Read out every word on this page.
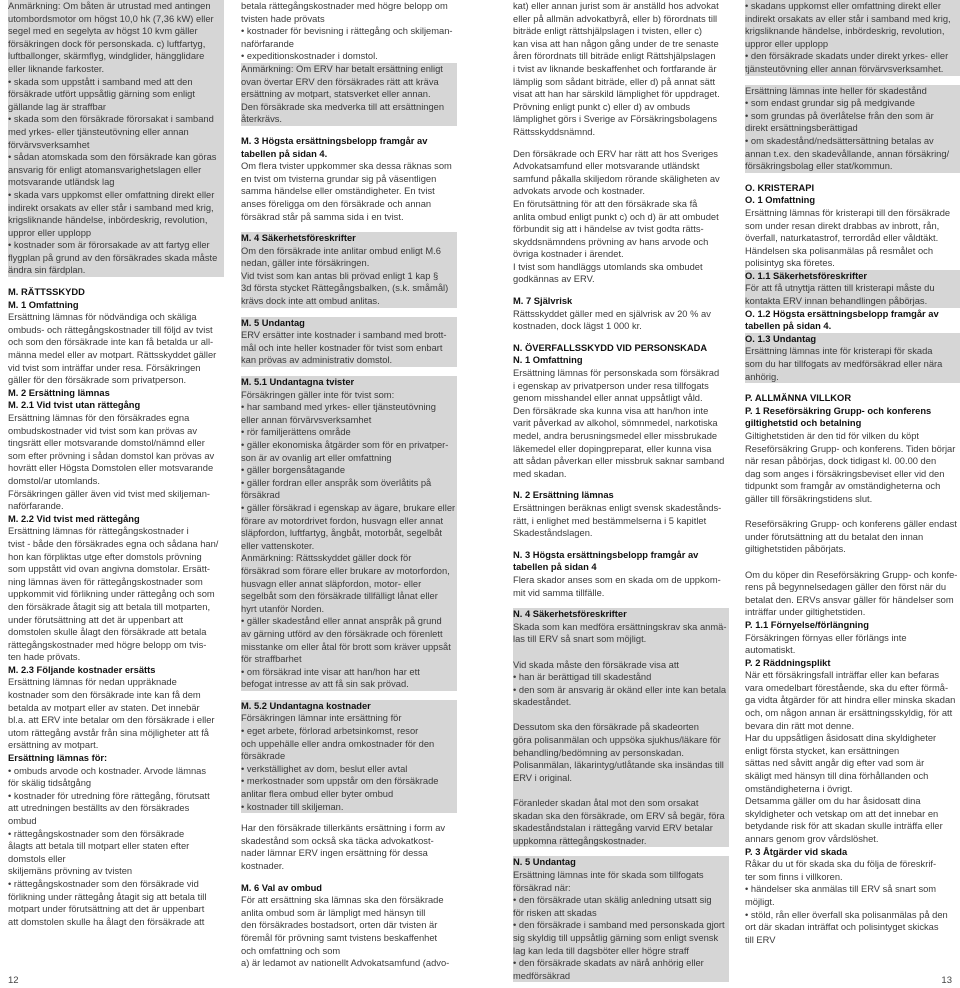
Anmärkning: Om båten är utrustad med antingen
utombordsmotor om högst 10,0 hk (7,36 kW) eller
segel med en segelyta av högst 10 kvm gäller
försäkringen dock för personskada. c) luftfartyg,
luftballonger, skärmflyg, windglider, hängglidare
eller liknande farkoster.
• skada som uppstått i samband med att den
försäkrade utfört uppsåtlig gärning som enligt
gällande lag är straffbar
• skada som den försäkrade förorsakat i samband
med yrkes- eller tjänsteutövning eller annan
förvärvsverksamhet
• sådan atomskada som den försäkrade kan göras
ansvarig för enligt atomansvarighetslagen eller
motsvarande utländsk lag
• skada vars uppkomst eller omfattning direkt eller
indirekt orsakats av eller står i samband med krig,
krigsliknande händelse, inbördeskrig, revolution,
uppror eller upplopp
• kostnader som är förorsakade av att fartyg eller
flygplan på grund av den försäkrades skada måste
ändra sin färdplan.
M. RÄTTSSKYDD
M. 1 Omfattning
Ersättning lämnas för nödvändiga och skäliga
ombuds- och rättegångskostnader till följd av tvist
och som den försäkrade inte kan få betalda ur all-
männa medel eller av motpart. Rättsskyddet gäller
vid tvist som inträffar under resa. Försäkringen
gäller för den försäkrade som privatperson.
M. 2 Ersättning lämnas
M. 2.1 Vid tvist utan rättegång
Ersättning lämnas för den försäkrades egna
ombudskostnader vid tvist som kan prövas av
tingsrätt eller motsvarande domstol/nämnd eller
som efter prövning i sådan domstol kan prövas av
hovrätt eller Högsta Domstolen eller motsvarande
domstol/ar utomlands.
Försäkringen gäller även vid tvist med skiljeman-
naförfarande.
M. 2.2 Vid tvist med rättegång
Ersättning lämnas för rättegångskostnader i
tvist - både den försäkrades egna och sådana han/
hon kan förpliktas utge efter domstols prövning
som uppstått vid ovan angivna domstolar. Ersätt-
ning lämnas även för rättegångskostnader som
uppkommit vid förlikning under rättegång och som
den försäkrade åtagit sig att betala till motparten,
under förutsättning att det är uppenbart att
domstolen skulle ålagt den försäkrade att betala
rättegångskostnader med högre belopp om tvis-
ten hade prövats.
M. 2.3 Följande kostnader ersätts
Ersättning lämnas för nedan uppräknade
kostnader som den försäkrade inte kan få dem
betalda av motpart eller av staten. Det innebär
bl.a. att ERV inte betalar om den försäkrade i eller
utom rättegång avstår från sina möjligheter att få
ersättning av motpart.
Ersättning lämnas för:
• ombuds arvode och kostnader. Arvode lämnas
för skälig tidsåtgång
• kostnader för utredning före rättegång, förutsatt
att utredningen beställts av den försäkrades
ombud
• rättegångskostnader som den försäkrade
ålagts att betala till motpart eller staten efter
domstols eller
skiljemäns prövning av tvisten
• rättegångskostnader som den försäkrade vid
förlikning under rättegång åtagit sig att betala till
motpart under förutsättning att det är uppenbart
att domstolen skulle ha ålagt den försäkrade att
betala rättegångskostnader med högre belopp om
tvisten hade prövats
• kostnader för bevisning i rättegång och skiljeman-
naförfarande
• expeditionskostnader i domstol.
Anmärkning: Om ERV har betalt ersättning enligt
ovan övertar ERV den försäkrades rätt att kräva
ersättning av motpart, statsverket eller annan.
Den försäkrade ska medverka till att ersättningen
återkrävs.
M. 3 Högsta ersättningsbelopp framgår av
tabellen på sidan 4.
Om flera tvister uppkommer ska dessa räknas som
en tvist om tvisterna grundar sig på väsentligen
samma händelse eller omständigheter. En tvist
anses föreligga om den försäkrade och annan
försäkrad står på samma sida i en tvist.
M. 4 Säkerhetsföreskrifter
Om den försäkrade inte anlitar ombud enligt M.6
nedan, gäller inte försäkringen.
Vid tvist som kan antas bli prövad enligt 1 kap §
3d första stycket Rättegångsbalken, (s.k. småmål)
krävs dock inte att ombud anlitas.
M. 5 Undantag
ERV ersätter inte kostnader i samband med brott-
mål och inte heller kostnader för tvist som enbart
kan prövas av administrativ domstol.
M. 5.1 Undantagna tvister
Försäkringen gäller inte för tvist som:
• har samband med yrkes- eller tjänsteutövning
eller annan förvärvsverksamhet
• rör familjerättens område
• gäller ekonomiska åtgärder som för en privatper-
son är av ovanlig art eller omfattning
• gäller borgensåtagande
• gäller fordran eller anspråk som överlåtits på
försäkrad
• gäller försäkrad i egenskap av ägare, brukare eller
förare av motordrivet fordon, husvagn eller annat
släpfordon, luftfartyg, ångbåt, motorbåt, segelbåt
eller vattenskoter.
Anmärkning: Rättsskyddet gäller dock för
försäkrad som förare eller brukare av motorfordon,
husvagn eller annat släpfordon, motor- eller
segelbåt som den försäkrade tillfälligt lånat eller
hyrt utanför Norden.
• gäller skadestånd eller annat anspråk på grund
av gärning utförd av den försäkrade och förenlett
misstanke om eller åtal för brott som kräver uppsåt
för straffbarhet
• om försäkrad inte visar att han/hon har ett
befogat intresse av att få sin sak prövad.
M. 5.2 Undantagna kostnader
Försäkringen lämnar inte ersättning för
• eget arbete, förlorad arbetsinkomst, resor
och uppehälle eller andra omkostnader för den
försäkrade
• verkställighet av dom, beslut eller avtal
• merkostnader som uppstår om den försäkrade
anlitar flera ombud eller byter ombud
• kostnader till skiljeman.
Har den försäkrade tillerkänts ersättning i form av
skadestånd som också ska täcka advokatkost-
nader lämnar ERV ingen ersättning för dessa
kostnader.
M. 6 Val av ombud
För att ersättning ska lämnas ska den försäkrade
anlita ombud som är lämpligt med hänsyn till
den försäkrades bostadsort, orten där tvisten är
föremål för prövning samt tvistens beskaffenhet
och omfattning och som
a) är ledamot av nationellt Advokatsamfund (advo-
kat) eller annan jurist som är anställd hos advokat
eller på allmän advokatbyrå, eller b) förordnats till
biträde enligt rättshjälpslagen i tvisten, eller c)
kan visa att han någon gång under de tre senaste
åren förordnats till biträde enligt Rättshjälpslagen
i tvist av liknande beskaffenhet och fortfarande är
lämplig som sådant biträde, eller d) på annat sätt
visat att han har särskild lämplighet för uppdraget.
Prövning enligt punkt c) eller d) av ombuds
lämplighet görs i Sverige av Försäkringsbolagens
Rättsskyddsnämnd.
Den försäkrade och ERV har rätt att hos Sveriges
Advokatsamfund eller motsvarande utländskt
samfund påkalla skiljedom rörande skäligheten av
advokats arvode och kostnader.
En förutsättning för att den försäkrade ska få
anlita ombud enligt punkt c) och d) är att ombudet
förbundit sig att i händelse av tvist godta rätts-
skyddsnämndens prövning av hans arvode och
övriga kostnader i ärendet.
I tvist som handläggs utomlands ska ombudet
godkännas av ERV.
M. 7 Självrisk
Rättsskyddet gäller med en självrisk av 20 % av
kostnaden, dock lägst 1 000 kr.
N. ÖVERFALLSSKYDD VID PERSONSKADA
N. 1 Omfattning
Ersättning lämnas för personskada som försäkrad
i egenskap av privatperson under resa tillfogats
genom misshandel eller annat uppsåtligt våld.
Den försäkrade ska kunna visa att han/hon inte
varit påverkad av alkohol, sömnmedel, narkotiska
medel, andra berusningsmedel eller missbrukade
läkemedel eller dopingpreparat, eller kunna visa
att sådan påverkan eller missbruk saknar samband
med skadan.
N. 2 Ersättning lämnas
Ersättningen beräknas enligt svensk skadestånds-
rätt, i enlighet med bestämmelserna i 5 kapitlet
Skadeståndslagen.
N. 3 Högsta ersättningsbelopp framgår av
tabellen på sidan 4
Flera skador anses som en skada om de uppkom-
mit vid samma tillfälle.
N. 4 Säkerhetsföreskrifter
Skada som kan medföra ersättningskrav ska anmä-
las till ERV så snart som möjligt.

Vid skada måste den försäkrade visa att
• han är berättigad till skadestånd
• den som är ansvarig är okänd eller inte kan betala
skadeståndet.

Dessutom ska den försäkrade på skadeorten
göra polisanmälan och uppsöka sjukhus/läkare för
behandling/bedömning av personskadan.
Polisanmälan, läkarintyg/utlåtande ska insändas till
ERV i original.

Föranleder skadan åtal mot den som orsakat
skadan ska den försäkrade, om ERV så begär, föra
skadeståndstalan i rättegång varvid ERV betalar
uppkomna rättegångskostnader.
N. 5 Undantag
Ersättning lämnas inte för skada som tillfogats
försäkrad när:
• den försäkrade utan skälig anledning utsatt sig
för risken att skadas
• den försäkrade i samband med personskada gjort
sig skyldig till uppsåtlig gärning som enligt svensk
lag kan leda till dagsböter eller högre straff
• den försäkrade skadats av närå anhörig eller
medförsäkrad
• skadans uppkomst eller omfattning direkt eller
indirekt orsakats av eller står i samband med krig,
krigsliknande händelse, inbördeskrig, revolution,
uppror eller upplopp
• den försäkrade skadats under direkt yrkes- eller
tjänsteutövning eller annan förvärvsverksamhet.
Ersättning lämnas inte heller för skadestånd
• som endast grundar sig på medgivande
• som grundas på överlåtelse från den som är
direkt ersättningsberättigad
• om skadestånd/nedsättersättning betalas av
annan t.ex. den skadevållande, annan försäkring/
försäkringsbolag eller stat/kommun.
O. KRISTERAPI
O. 1 Omfattning
Ersättning lämnas för kristerapi till den försäkrade
som under resan direkt drabbas av inbrott, rån,
överfall, naturkatastrof, terrordåd eller våldtäkt.
Händelsen ska polisanmälas på resmålet och
polisintyg ska företes.
O. 1.1 Säkerhetsföreskrifter
För att få utnyttja rätten till kristerapi måste du
kontakta ERV innan behandlingen påbörjas.
O. 1.2 Högsta ersättningsbelopp framgår av
tabellen på sidan 4.
O. 1.3 Undantag
Ersättning lämnas inte för kristerapi för skada
som du har tillfogats av medförsäkrad eller nära
anhörig.
P. ALLMÄNNA VILLKOR
P. 1 Reseförsäkring Grupp- och konferens
giltighetstid och betalning
Giltighetstiden är den tid för vilken du köpt
Reseförsäkring Grupp- och konferens. Tiden börjar
när resan påbörjas, dock tidigast kl. 00.00 den
dag som anges i försäkringsbeviset eller vid den
tidpunkt som framgår av omständigheterna och
gäller till försäkringstidens slut.

Reseförsäkring Grupp- och konferens gäller endast
under förutsättning att du betalat den innan
giltighetstiden påbörjats.

Om du köper din Reseförsäkring Grupp- och konfe-
rens på begynnelsedagen gäller den först när du
betalat den. ERVs ansvar gäller för händelser som
inträffar under giltighetstiden.
P. 1.1 Förnyelse/förlängning
Försäkringen förnyas eller förlängs inte
automatiskt.
P. 2 Räddningsplikt
När ett försäkringsfall inträffar eller kan befaras
vara omedelbart förestående, ska du efter förmå-
ga vidta åtgärder för att hindra eller minska skadan
och, om någon annan är ersättningsskyldig, för att
bevara din rätt mot denne.
Har du uppsåtligen åsidosatt dina skyldigheter
enligt första stycket, kan ersättningen
sättas ned såvitt angår dig efter vad som är
skäligt med hänsyn till dina förhållanden och
omständigheterna i övrigt.
Detsamma gäller om du har åsidosatt dina
skyldigheter och vetskap om att det innebar en
betydande risk för att skadan skulle inträffa eller
annars genom grov vårdslöshet.
P. 3 Åtgärder vid skada
Råkar du ut för skada ska du följa de föreskrif-
ter som finns i villkoren.
• händelser ska anmälas till ERV så snart som
möjligt.
• stöld, rån eller överfall ska polisanmälas på den
ort där skadan inträffat och polisintyget skickas
till ERV
12	13
